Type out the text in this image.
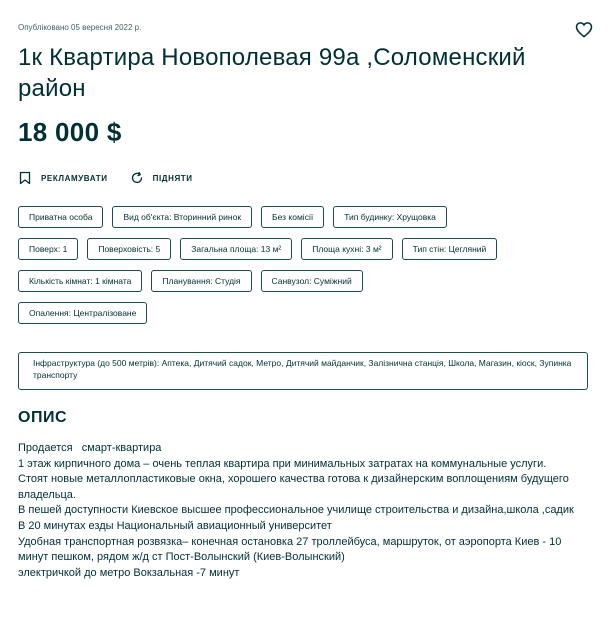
Опубліковано 05 вересня 2022 р.
1к Квартира Новополевая 99а ,Соломенский район
18 000 $
РЕКЛАМУВАТИ	ПІДНЯТИ
Приватна особа	Вид об'єкта: Вторинний ринок	Без комісії	Тип будинку: Хрущовка
Поверх: 1	Поверховість: 5	Загальна площа: 13 м²	Площа кухні: 3 м²	Тип стін: Цегляний
Кількість кімнат: 1 кімната	Планування: Студія	Санвузол: Суміжний
Опалення: Централізоване
Інфраструктура (до 500 метрів): Аптека, Дитячий садок, Метро, Дитячий майданчик, Залізнична станція, Школа, Магазин, кіоск, Зупинка транспорту
ОПИС

Продается   смарт-квартира

1 этаж кирпичного дома – очень теплая квартира при минимальных затратах на коммунальные услуги.

Стоят новые металлопластиковые окна, хорошего качества готова к дизайнерским воплощениям будущего владельца.

В пешей доступности Киевское высшее профессиональное училище строительства и дизайна,школа ,садик

В 20 минутах езды Национальный авиационный университет

Удобная транспортная розвязка– конечная остановка 27 троллейбуса, маршруток, от аэропорта Киев - 10 минут пешком, рядом ж/д ст Пост-Волынский (Киев-Волынский)

электричкой до метро Вокзальная -7 минут
